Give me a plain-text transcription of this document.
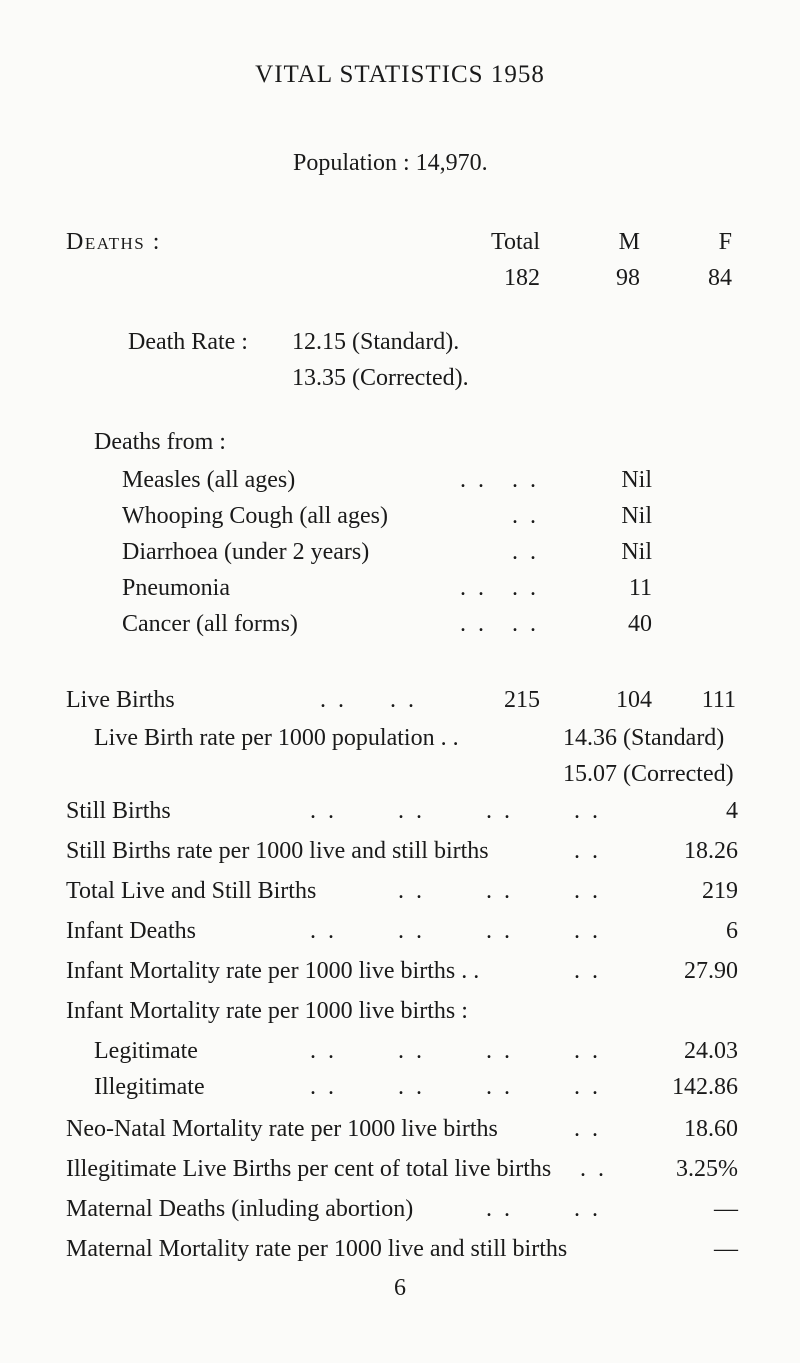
VITAL STATISTICS 1958
Population : 14,970.
Deaths :	Total	M	F
182	98	84
Death Rate : 12.15 (Standard).
13.35 (Corrected).
Deaths from :
Measles (all ages)	. . . .	Nil
Whooping Cough (all ages)	. .	Nil
Diarrhoea (under 2 years)	. .	Nil
Pneumonia	. . . .	11
Cancer (all forms)	. . . .	40
Live Births	. . . .	215	104	111
Live Birth rate per 1000 population . .	14.36 (Standard)
15.07 (Corrected)
Still Births	. .	. .	. .	. .	4
Still Births rate per 1000 live and still births	. .	18.26
Total Live and Still Births	. .	. .	. .	219
Infant Deaths	. .	. .	. .	. .	6
Infant Mortality rate per 1000 live births . .	. .	27.90
Infant Mortality rate per 1000 live births :
Legitimate	. .	. .	. .	. .	24.03
Illegitimate	. .	. .	. .	. .	142.86
Neo-Natal Mortality rate per 1000 live births	. .	18.60
Illegitimate Live Births per cent of total live births . .	3.25%
Maternal Deaths (inluding abortion)	. .	. .	—
Maternal Mortality rate per 1000 live and still births	—
6
